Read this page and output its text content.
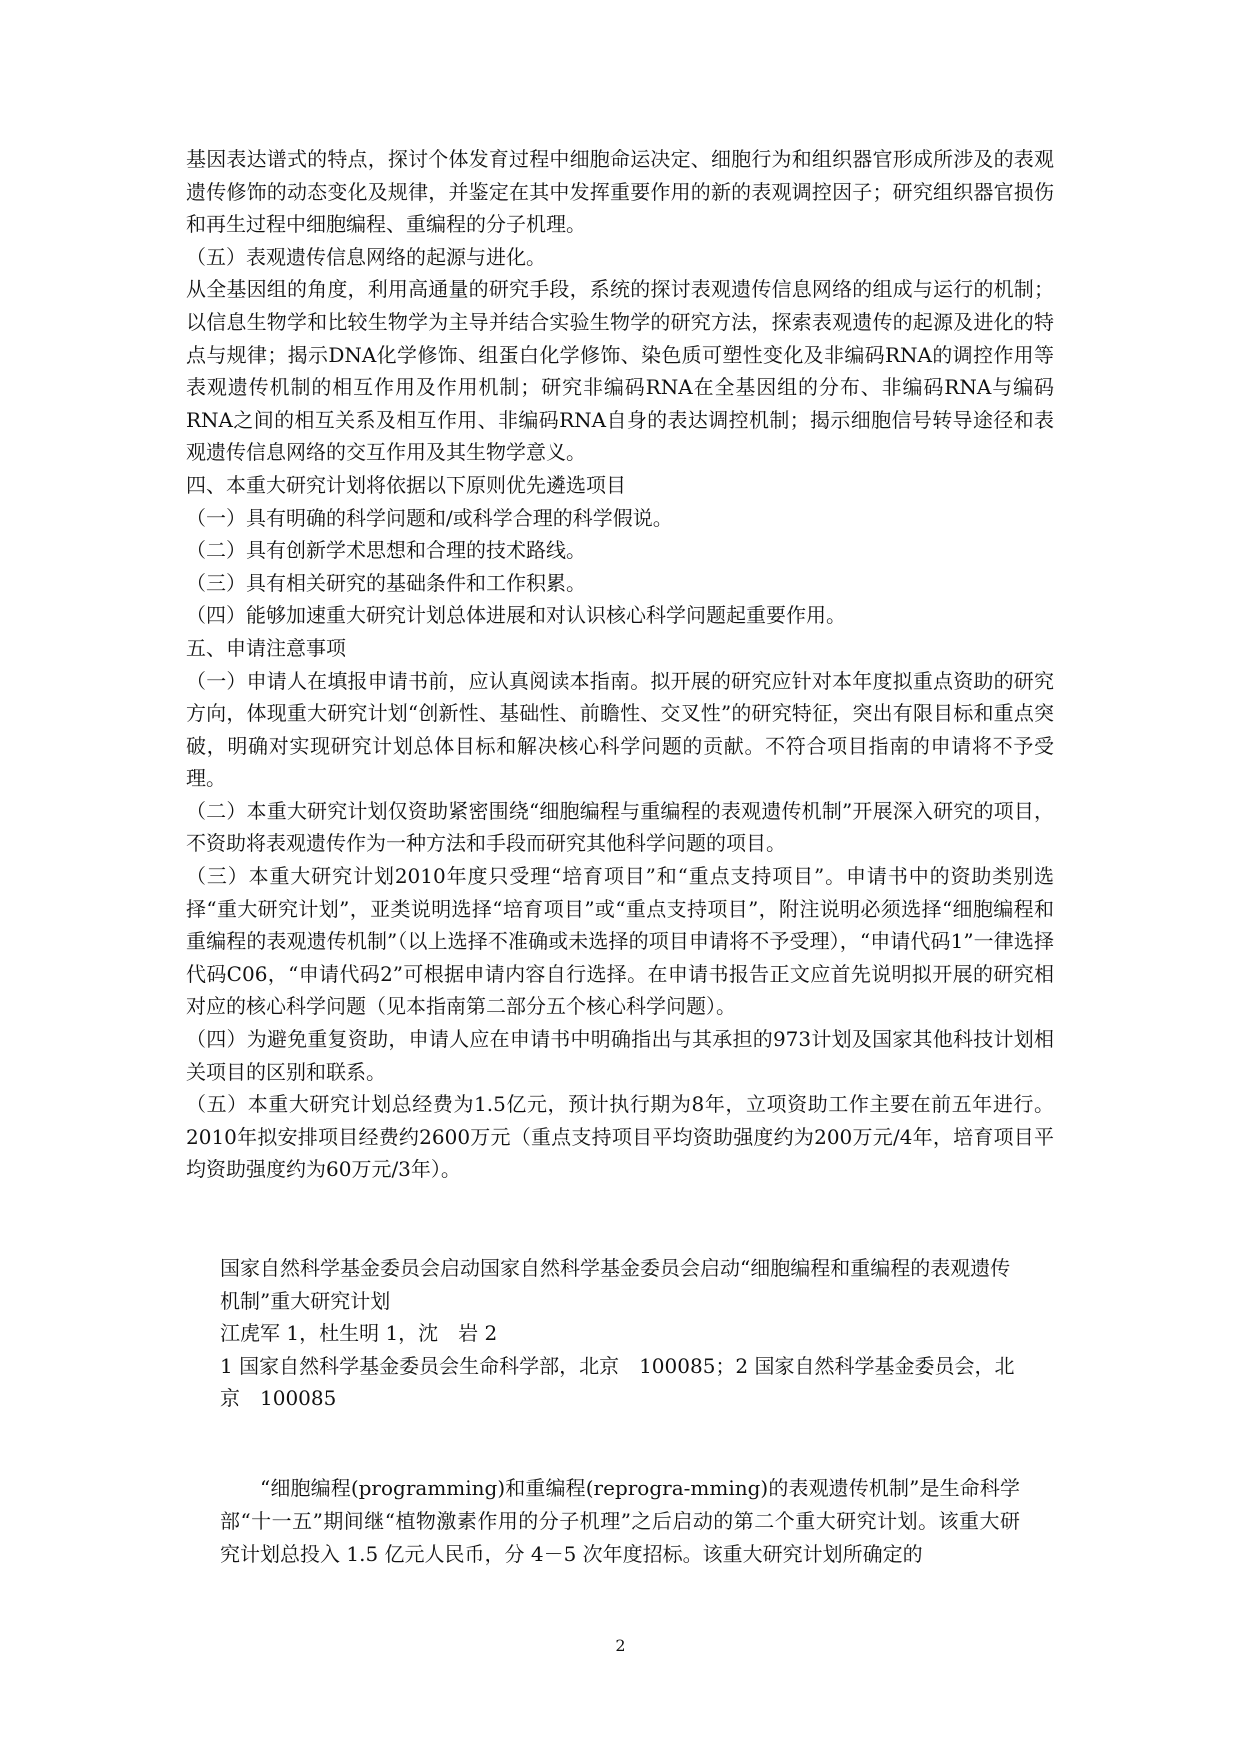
基因表达谱式的特点，探讨个体发育过程中细胞命运决定、细胞行为和组织器官形成所涉及的表观遗传修饰的动态变化及规律，并鉴定在其中发挥重要作用的新的表观调控因子；研究组织器官损伤和再生过程中细胞编程、重编程的分子机理。

（五）表观遗传信息网络的起源与进化。

从全基因组的角度，利用高通量的研究手段，系统的探讨表观遗传信息网络的组成与运行的机制；以信息生物学和比较生物学为主导并结合实验生物学的研究方法，探索表观遗传的起源及进化的特点与规律；揭示DNA化学修饰、组蛋白化学修饰、染色质可塑性变化及非编码RNA的调控作用等表观遗传机制的相互作用及作用机制；研究非编码RNA在全基因组的分布、非编码RNA与编码RNA之间的相互关系及相互作用、非编码RNA自身的表达调控机制；揭示细胞信号转导途径和表观遗传信息网络的交互作用及其生物学意义。

四、本重大研究计划将依据以下原则优先遴选项目

（一）具有明确的科学问题和/或科学合理的科学假说。

（二）具有创新学术思想和合理的技术路线。

（三）具有相关研究的基础条件和工作积累。

（四）能够加速重大研究计划总体进展和对认识核心科学问题起重要作用。

五、申请注意事项

（一）申请人在填报申请书前，应认真阅读本指南。拟开展的研究应针对本年度拟重点资助的研究方向，体现重大研究计划“创新性、基础性、前瞻性、交叉性”的研究特征，突出有限目标和重点突破，明确对实现研究计划总体目标和解决核心科学问题的贡献。不符合项目指南的申请将不予受理。

（二）本重大研究计划仅资助紧密围绕“细胞编程与重编程的表观遗传机制”开展深入研究的项目，不资助将表观遗传作为一种方法和手段而研究其他科学问题的项目。

（三）本重大研究计划2010年度只受理“培育项目”和“重点支持项目”。申请书中的资助类别选择“重大研究计划”，亚类说明选择“培育项目”或“重点支持项目”，附注说明必须选择“细胞编程和重编程的表观遗传机制”（以上选择不准确或未选择的项目申请将不予受理），“申请代码1”一律选择代码C06，“申请代码2”可根据申请内容自行选择。在申请书报告正文应首先说明拟开展的研究相对应的核心科学问题（见本指南第二部分五个核心科学问题）。

（四）为避免重复资助，申请人应在申请书中明确指出与其承担的973计划及国家其他科技计划相关项目的区别和联系。

（五）本重大研究计划总经费为1.5亿元，预计执行期为8年，立项资助工作主要在前五年进行。2010年拟安排项目经费约2600万元（重点支持项目平均资助强度约为200万元/4年，培育项目平均资助强度约为60万元/3年）。

国家自然科学基金委员会启动国家自然科学基金委员会启动“细胞编程和重编程的表观遗传机制”重大研究计划

江虎军 1，杜生明 1，沈　岩 2

1 国家自然科学基金委员会生命科学部，北京　100085；2 国家自然科学基金委员会，北京　100085

“细胞编程(programming)和重编程(reprogra-mming)的表观遗传机制”是生命科学部“十一五”期间继“植物激素作用的分子机理”之后启动的第二个重大研究计划。该重大研究计划总投入 1.5 亿元人民币，分 4－5 次年度招标。该重大研究计划所确定的

2
